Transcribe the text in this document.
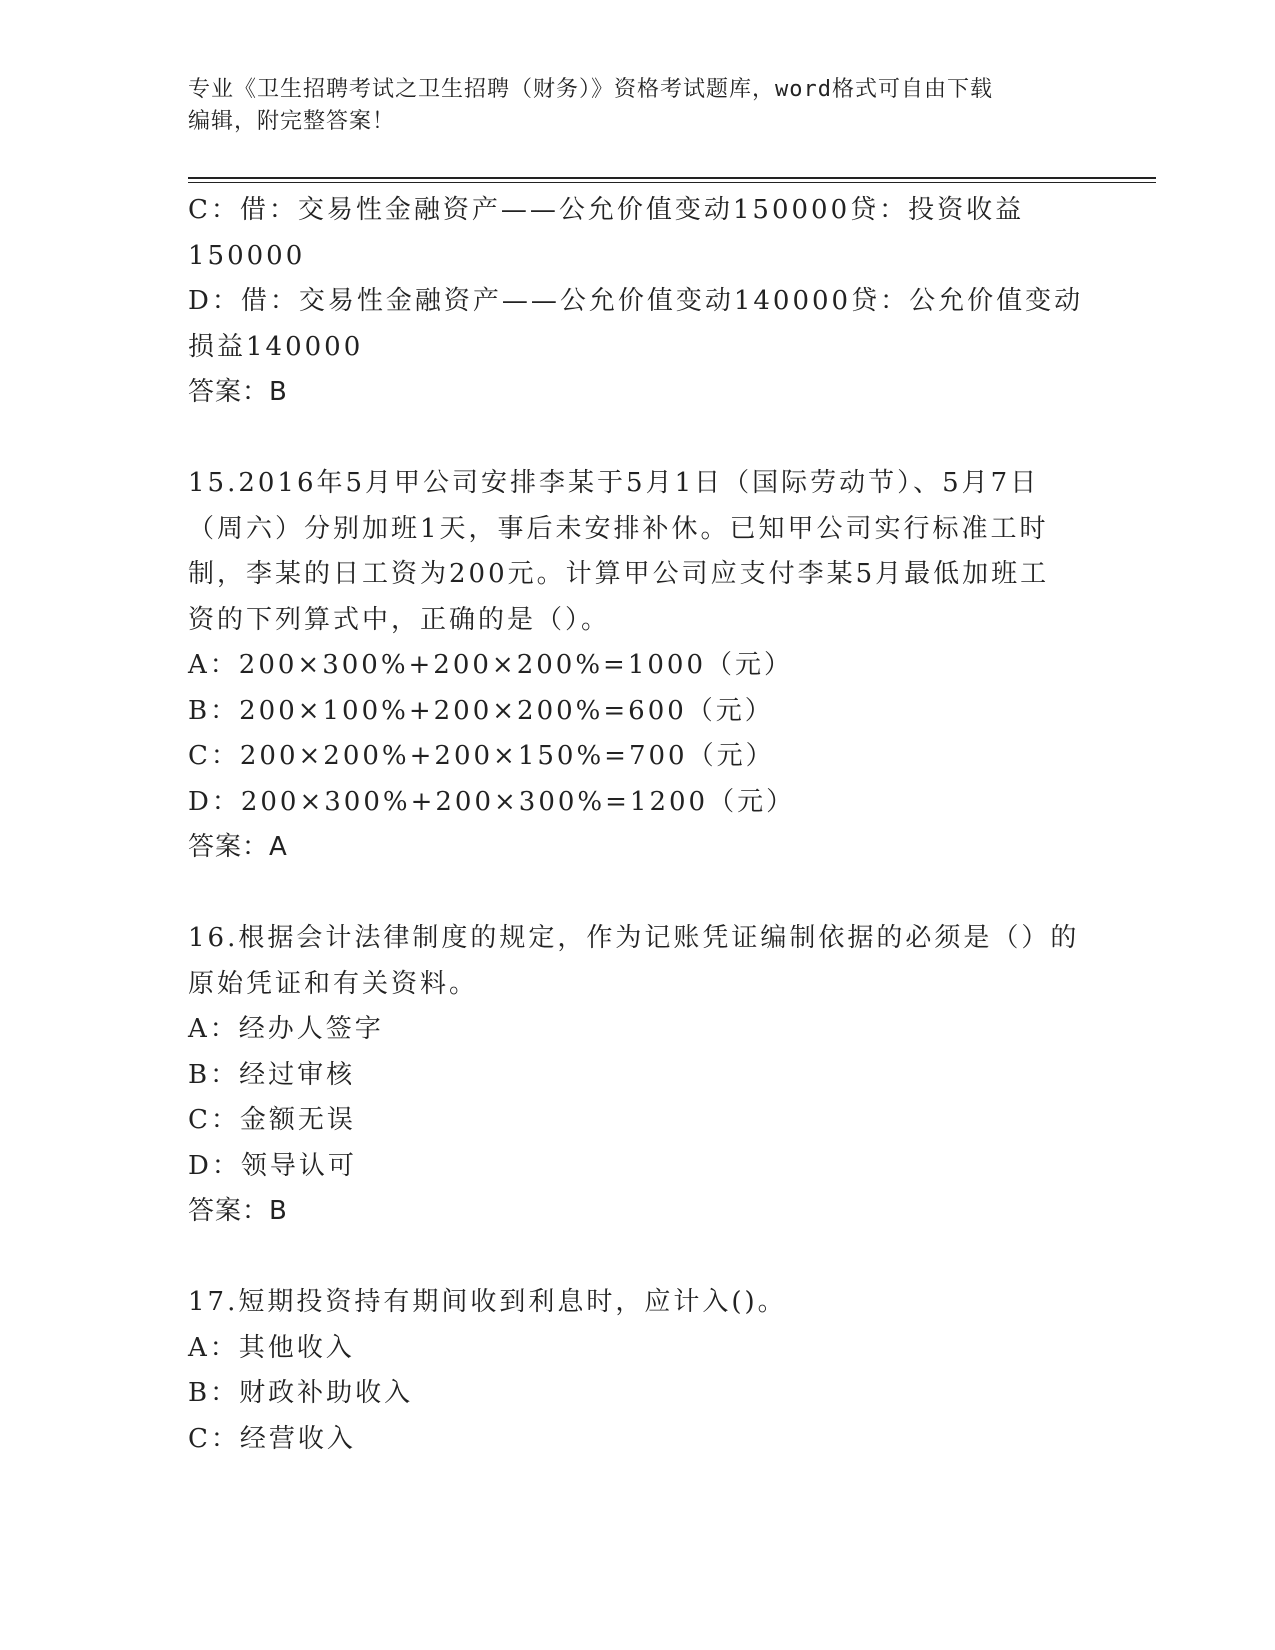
专业《卫生招聘考试之卫生招聘（财务）》资格考试题库，word格式可自由下载
编辑，附完整答案！
C：借：交易性金融资产——公允价值变动150000贷：投资收益
150000
D：借：交易性金融资产——公允价值变动140000贷：公允价值变动
损益140000
答案：B
15.2016年5月甲公司安排李某于5月1日（国际劳动节）、5月7日
（周六）分别加班1天，事后未安排补休。已知甲公司实行标准工时
制，李某的日工资为200元。计算甲公司应支付李某5月最低加班工
资的下列算式中，正确的是（）。
A：200×300%+200×200%=1000（元）
B：200×100%+200×200%=600（元）
C：200×200%+200×150%=700（元）
D：200×300%+200×300%=1200（元）
答案：A
16.根据会计法律制度的规定，作为记账凭证编制依据的必须是（）的
原始凭证和有关资料。
A：经办人签字
B：经过审核
C：金额无误
D：领导认可
答案：B
17.短期投资持有期间收到利息时，应计入()。
A：其他收入
B：财政补助收入
C：经营收入
